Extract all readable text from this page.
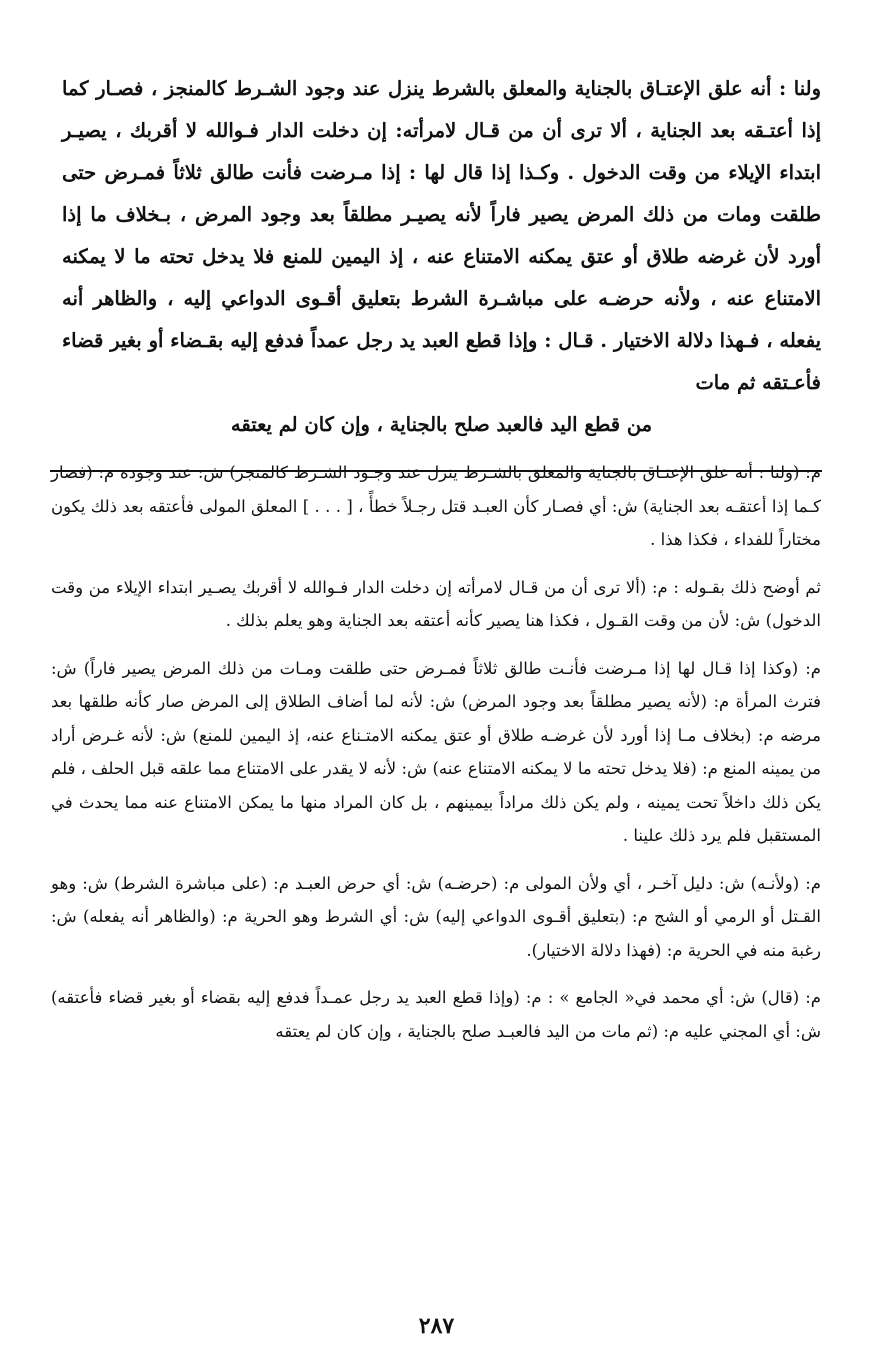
ولنا : أنه علق الإعتـاق بالجناية والمعلق بالشرط ينزل عند وجود الشـرط كالمنجز ، فصـار كما إذا أعتـقه بعد الجناية ، ألا ترى أن من قـال لامرأته: إن دخلت الدار فـوالله لا أقربك ، يصيـر ابتداء الإيلاء من وقت الدخول . وكـذا إذا قال لها : إذا مـرضت فأنت طالق ثلاثاً فمـرض حتى طلقت ومات من ذلك المرض يصير فاراً لأنه يصيـر مطلقاً بعد وجود المرض ، بـخلاف ما إذا أورد لأن غرضه طلاق أو عتق يمكنه الامتناع عنه ، إذ اليمين للمنع فلا يدخل تحته ما لا يمكنه الامتناع عنه ، ولأنه حرضـه على مباشـرة الشرط بتعليق أقـوى الدواعي إليه ، والظاهر أنه يفعله ، فـهذا دلالة الاختيار . قـال : وإذا قطع العبد يد رجل عمداً فدفع إليه بقـضاء أو بغير قضاء فأعـتقه ثم مات

من قطع اليد فالعبد صلح بالجناية ، وإن كان لم يعتقه

م: (ولنا : أنه علق الإعتـاق بالجناية والمعلق بالشـرط ينزل عند وجـود الشـرط كالمنجز) ش: عند وجوده م: (فصار كـما إذا أعتقـه بعد الجناية) ش: أي فصـار كأن العبـد قتل رجـلاً خطأً ، [ . . . ] المعلق المولى فأعتقه بعد ذلك يكون مختاراً للفداء ، فكذا هذا .

ثم أوضح ذلك بقـوله : م: (ألا ترى أن من قـال لامرأته إن دخلت الدار فـوالله لا أقربك يصـير ابتداء الإيلاء من وقت الدخول) ش: لأن من وقت القـول ، فكذا هنا يصير كأنه أعتقه بعد الجناية وهو يعلم بذلك .

م: (وكذا إذا قـال لها إذا مـرضت فأنـت طالق ثلاثاً فمـرض حتى طلقت ومـات من ذلك المرض يصير فاراً) ش: فترث المرأة م: (لأنه يصير مطلقاً بعد وجود المرض) ش: لأنه لما أضاف الطلاق إلى المرض صار كأنه طلقها بعد مرضه م: (بخلاف مـا إذا أورد لأن غرضـه طلاق أو عتق يمكنه الامتـناع عنه، إذ اليمين للمنع) ش: لأنه غـرض أراد من يمينه المنع م: (فلا يدخل تحته ما لا يمكنه الامتناع عنه) ش: لأنه لا يقدر على الامتناع مما علقه قبل الحلف ، فلم يكن ذلك داخلاً تحت يمينه ، ولم يكن ذلك مراداً بيمينهم ، بل كان المراد منها ما يمكن الامتناع عنه مما يحدث في المستقبل فلم يرد ذلك علينا .

م: (ولأنـه) ش: دليل آخـر ، أي ولأن المولى م: (حرضـه) ش: أي حرض العبـد م: (على مباشرة الشرط) ش: وهو القـتل أو الرمي أو الشج م: (بتعليق أقـوى الدواعي إليه) ش: أي الشرط وهو الحرية م: (والظاهر أنه يفعله) ش: رغبة منه في الحرية م: (فهذا دلالة الاختيار).

م: (قال) ش: أي محمد في« الجامع » : م: (وإذا قطع العبد يد رجل عمـداً فدفع إليه بقضاء أو بغير قضاء فأعتقه) ش: أي المجني عليه م: (ثم مات من اليد فالعبـد صلح بالجناية ، وإن كان لم يعتقه

٢٨٧
